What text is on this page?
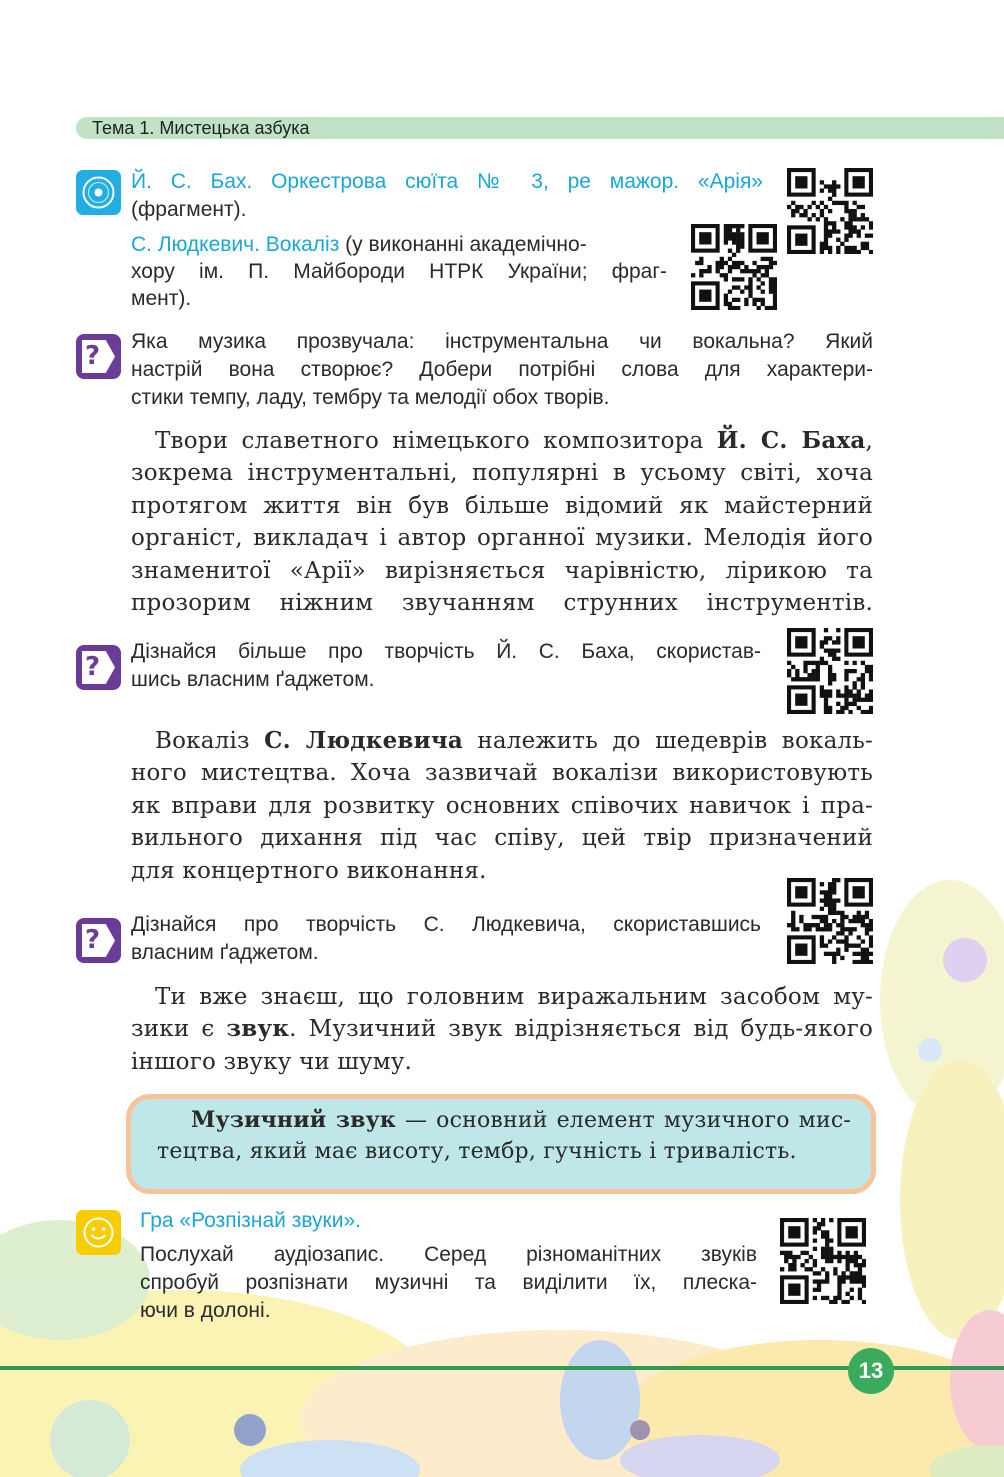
Тема 1. Мистецька азбука
Й. С. Бах. Оркестрова сюїта № 3, ре мажор. «Арія»
(фрагмент).
С. Людкевич. Вокаліз (у виконанні академічно-
хору ім. П. Майбороди НТРК України; фраг-
мент).
? Яка музика прозвучала: інструментальна чи вокальна? Який
настрій вона створює? Добери потрібні слова для характери-
стики темпу, ладу, тембру та мелодії обох творів.
Твори славетного німецького композитора Й. С. Баха,
зокрема інструментальні, популярні в усьому світі, хоча
протягом життя він був більше відомий як майстерний
органіст, викладач і автор органної музики. Мелодія його
знаменитої «Арії» вирізняється чарівністю, лірикою та
прозорим ніжним звучанням струнних інструментів.
?
Дізнайся більше про творчість Й. С. Баха, скористав-
шись власним ґаджетом.
Вокаліз С. Людкевича належить до шедеврів вокаль-
ного мистецтва. Хоча зазвичай вокалізи використовують
як вправи для розвитку основних співочих навичок і пра-
вильного дихання під час співу, цей твір призначений
для концертного виконання.
?
Дізнайся про творчість С. Людкевича, скориставшись
власним ґаджетом.
Ти вже знаєш, що головним виражальним засобом му-
зики є звук. Музичний звук відрізняється від будь-якого
іншого звуку чи шуму.
Музичний звук — основний елемент музичного мис-
тецтва, який має висоту, тембр, гучність і тривалість.
Гра «Розпізнай звуки».
Послухай аудіозапис. Серед різноманітних звуків
спробуй розпізнати музичні та виділити їх, плеска-
ючи в долоні.
13
